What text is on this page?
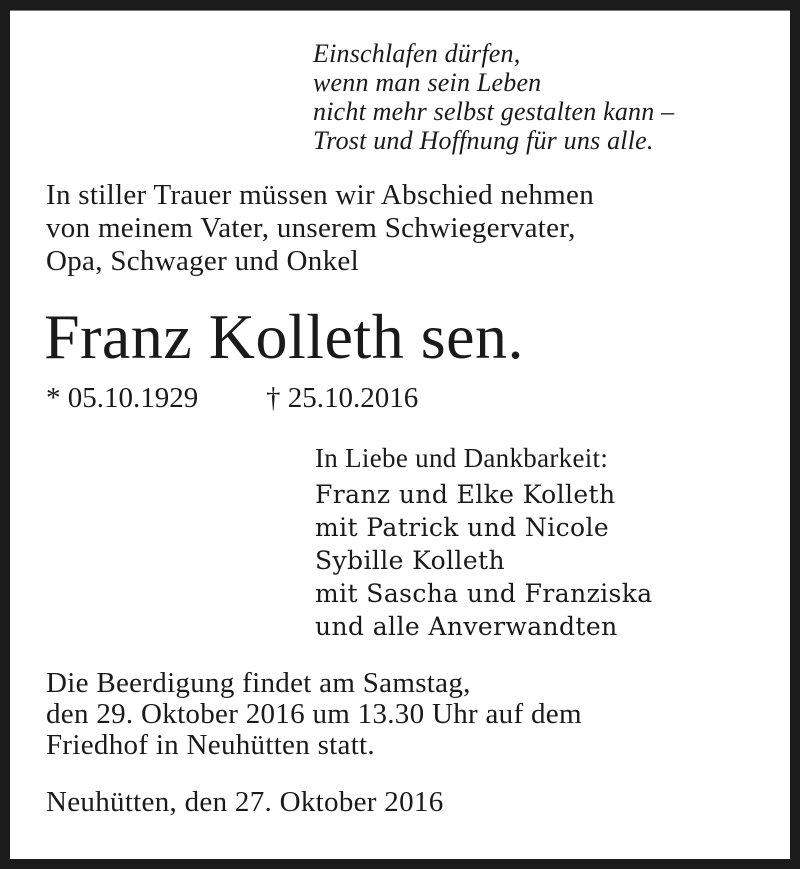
Einschlafen dürfen,
wenn man sein Leben
nicht mehr selbst gestalten kann –
Trost und Hoffnung für uns alle.
In stiller Trauer müssen wir Abschied nehmen
von meinem Vater, unserem Schwiegervater,
Opa, Schwager und Onkel
Franz Kolleth sen.
* 05.10.1929 † 25.10.2016
In Liebe und Dankbarkeit:
Franz und Elke Kolleth
mit Patrick und Nicole
Sybille Kolleth
mit Sascha und Franziska
und alle Anverwandten
Die Beerdigung findet am Samstag,
den 29. Oktober 2016 um 13.30 Uhr auf dem
Friedhof in Neuhütten statt.
Neuhütten, den 27. Oktober 2016
